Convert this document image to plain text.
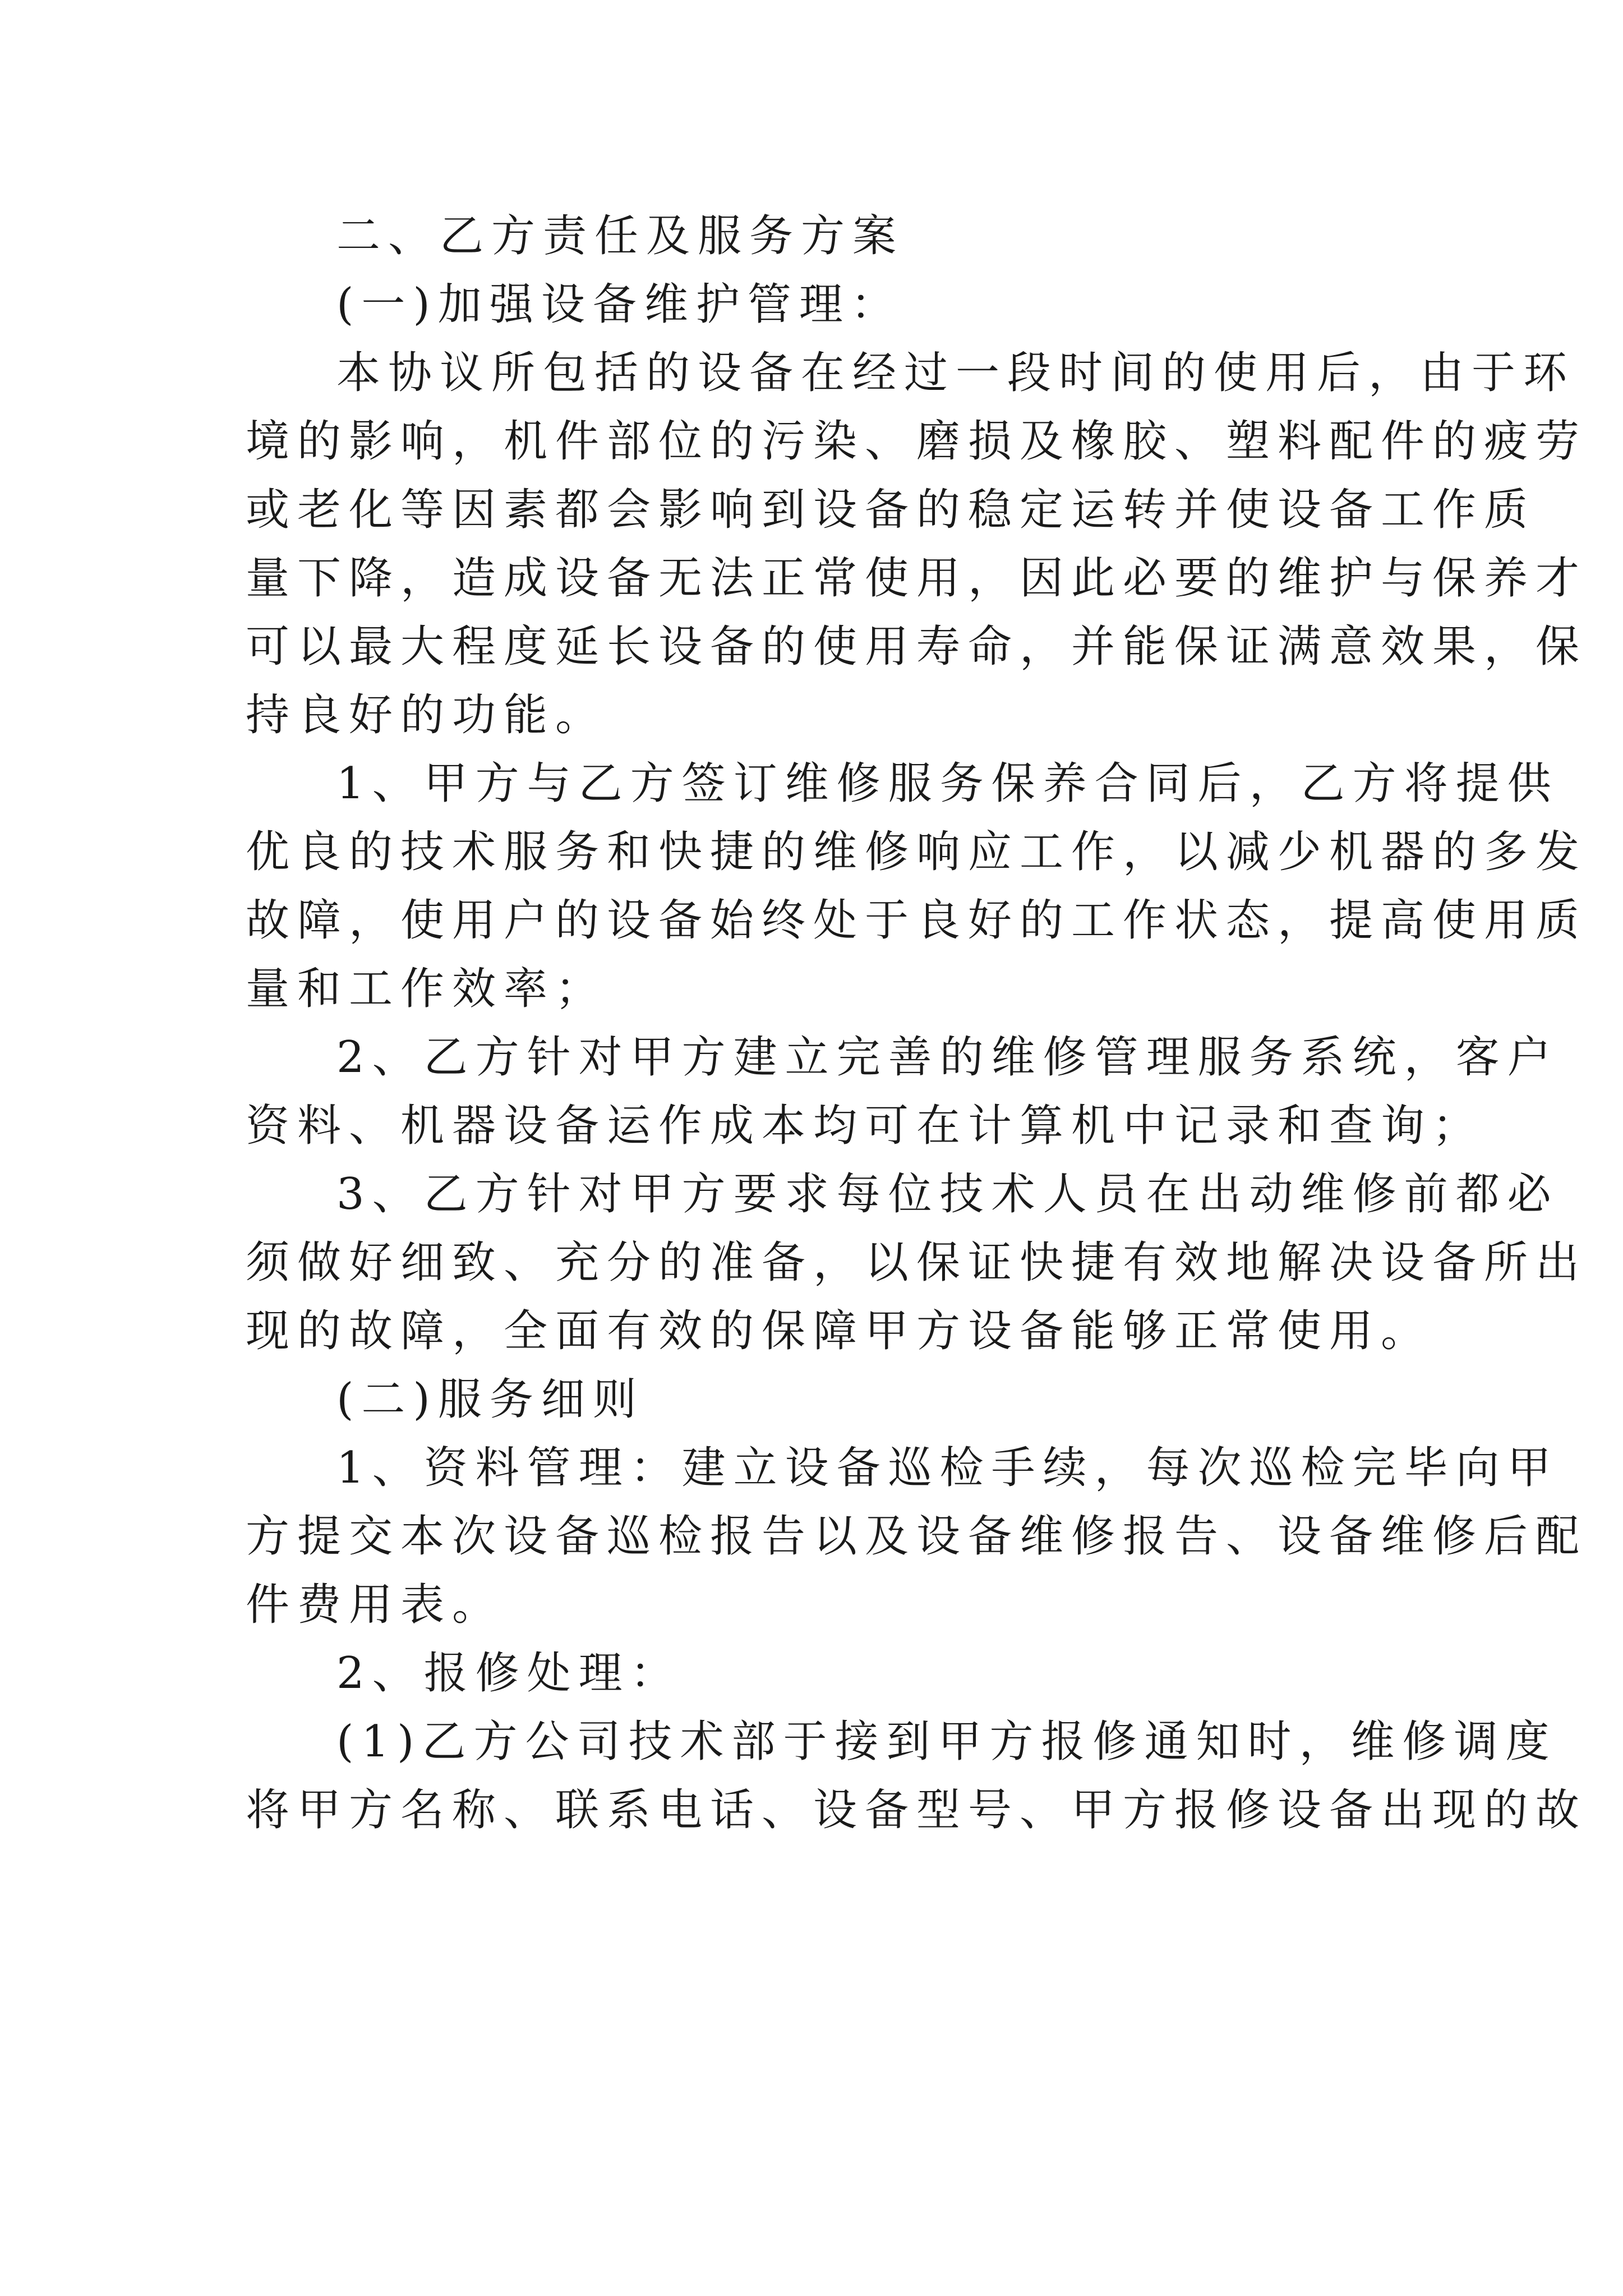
二、乙方责任及服务方案
(一)加强设备维护管理：
本协议所包括的设备在经过一段时间的使用后，由于环
境的影响，机件部位的污染、磨损及橡胶、塑料配件的疲劳
或老化等因素都会影响到设备的稳定运转并使设备工作质
量下降，造成设备无法正常使用，因此必要的维护与保养才
可以最大程度延长设备的使用寿命，并能保证满意效果，保
持良好的功能。
1、甲方与乙方签订维修服务保养合同后，乙方将提供
优良的技术服务和快捷的维修响应工作，以减少机器的多发
故障，使用户的设备始终处于良好的工作状态，提高使用质
量和工作效率；
2、乙方针对甲方建立完善的维修管理服务系统，客户
资料、机器设备运作成本均可在计算机中记录和查询；
3、乙方针对甲方要求每位技术人员在出动维修前都必
须做好细致、充分的准备，以保证快捷有效地解决设备所出
现的故障，全面有效的保障甲方设备能够正常使用。
(二)服务细则
1、资料管理：建立设备巡检手续，每次巡检完毕向甲
方提交本次设备巡检报告以及设备维修报告、设备维修后配
件费用表。
2、报修处理：
(1)乙方公司技术部于接到甲方报修通知时，维修调度
将甲方名称、联系电话、设备型号、甲方报修设备出现的故
